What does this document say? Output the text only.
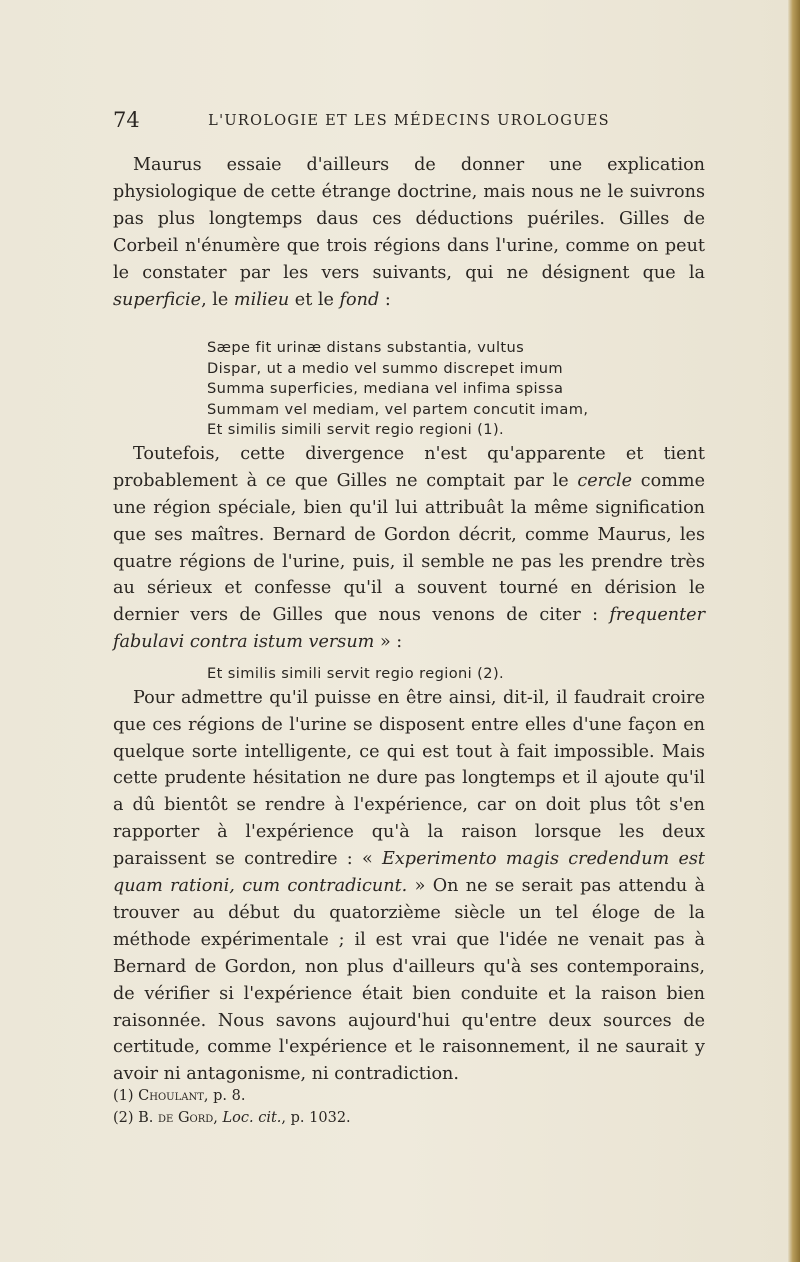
74	L'UROLOGIE ET LES MÉDECINS UROLOGUES

Maurus essaie d'ailleurs de donner une explication physiologique de cette étrange doctrine, mais nous ne le suivrons pas plus longtemps daus ces déductions puériles. Gilles de Corbeil n'énumère que trois régions dans l'urine, comme on peut le constater par les vers suivants, qui ne désignent que la superficie, le milieu et le fond :

Sæpe fit urinæ distans substantia, vultus
Dispar, ut a medio vel summo discrepet imum
Summa superficies, mediana vel infima spissa
Summam vel mediam, vel partem concutit imam,
Et similis simili servit regio regioni (1).

Toutefois, cette divergence n'est qu'apparente et tient probablement à ce que Gilles ne comptait par le cercle comme une région spéciale, bien qu'il lui attribuât la même signification que ses maîtres. Bernard de Gordon décrit, comme Maurus, les quatre régions de l'urine, puis, il semble ne pas les prendre très au sérieux et confesse qu'il a souvent tourné en dérision le dernier vers de Gilles que nous venons de citer : frequenter fabulavi contra istum versum » :

Et similis simili servit regio regioni (2).

Pour admettre qu'il puisse en être ainsi, dit-il, il faudrait croire que ces régions de l'urine se disposent entre elles d'une façon en quelque sorte intelligente, ce qui est tout à fait impossible. Mais cette prudente hésitation ne dure pas longtemps et il ajoute qu'il a dû bientôt se rendre à l'expérience, car on doit plus tôt s'en rapporter à l'expérience qu'à la raison lorsque les deux paraissent se contredire : « Experimento magis credendum est quam rationi, cum contradicunt. » On ne se serait pas attendu à trouver au début du quatorzième siècle un tel éloge de la méthode expérimentale ; il est vrai que l'idée ne venait pas à Bernard de Gordon, non plus d'ailleurs qu'à ses contemporains, de vérifier si l'expérience était bien conduite et la raison bien raisonnée. Nous savons aujourd'hui qu'entre deux sources de certitude, comme l'expérience et le raisonnement, il ne saurait y avoir ni antagonisme, ni contradiction.

(1) Choulant, p. 8.

(2) B. de Gord, Loc. cit., p. 1032.
